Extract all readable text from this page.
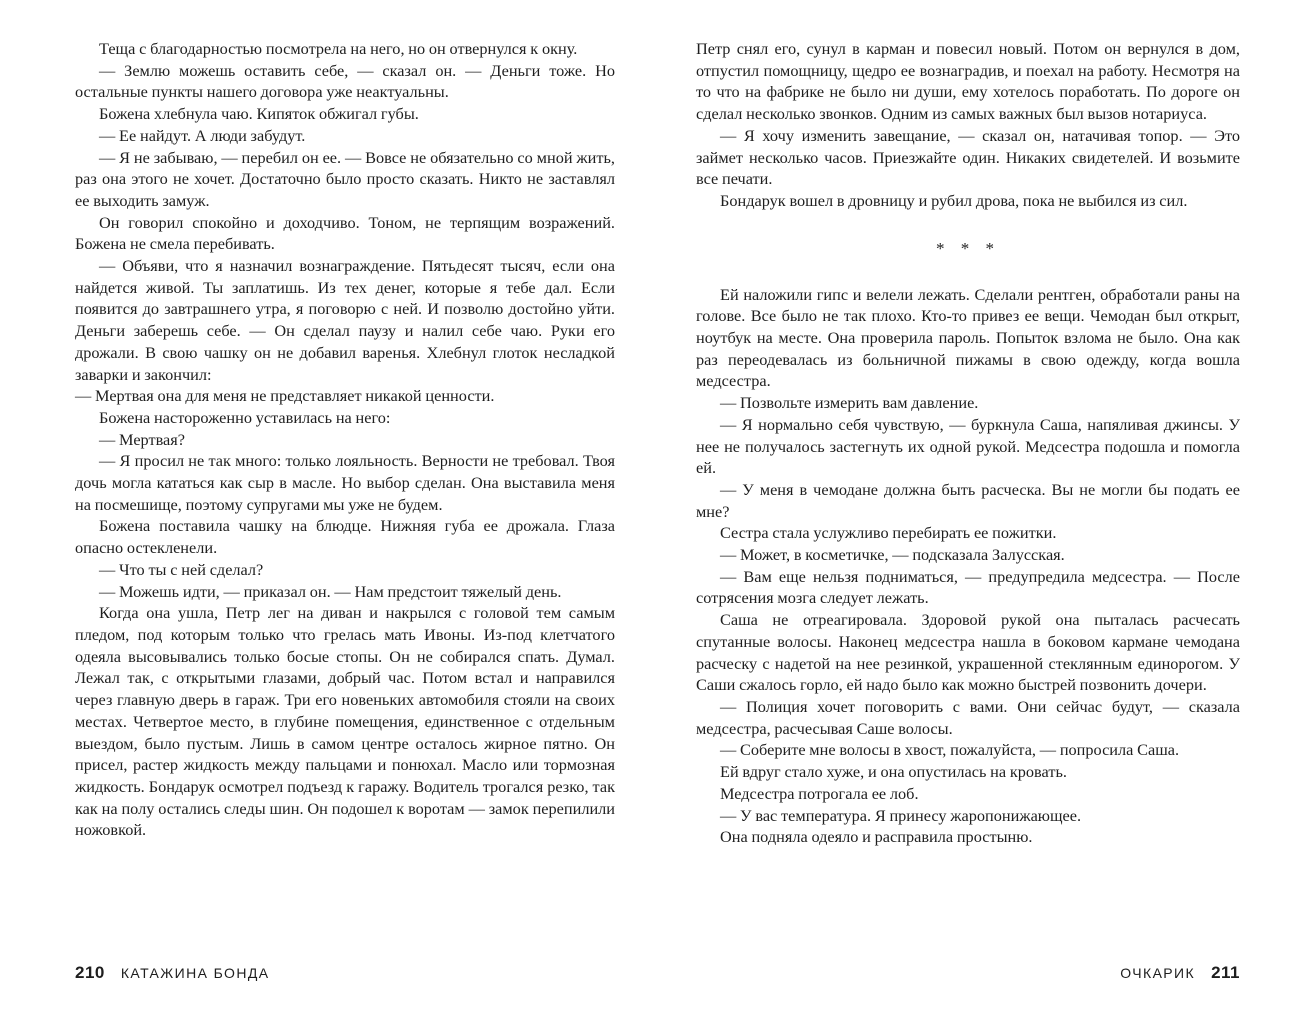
Теща с благодарностью посмотрела на него, но он отвернулся к окну.

— Землю можешь оставить себе, — сказал он. — Деньги тоже. Но остальные пункты нашего договора уже неактуальны.

Божена хлебнула чаю. Кипяток обжигал губы.

— Ее найдут. А люди забудут.

— Я не забываю, — перебил он ее. — Вовсе не обязательно со мной жить, раз она этого не хочет. Достаточно было просто сказать. Никто не заставлял ее выходить замуж.

Он говорил спокойно и доходчиво. Тоном, не терпящим возражений. Божена не смела перебивать.

— Объяви, что я назначил вознаграждение. Пятьдесят тысяч, если она найдется живой. Ты заплатишь. Из тех денег, которые я тебе дал. Если появится до завтрашнего утра, я поговорю с ней. И позволю достойно уйти. Деньги заберешь себе. — Он сделал паузу и налил себе чаю. Руки его дрожали. В свою чашку он не добавил варенья. Хлебнул глоток несладкой заварки и закончил:

— Мертвая она для меня не представляет никакой ценности.

Божена настороженно уставилась на него:

— Мертвая?

— Я просил не так много: только лояльность. Верности не требовал. Твоя дочь могла кататься как сыр в масле. Но выбор сделан. Она выставила меня на посмешище, поэтому супругами мы уже не будем.

Божена поставила чашку на блюдце. Нижняя губа ее дрожала. Глаза опасно остекленели.

— Что ты с ней сделал?

— Можешь идти, — приказал он. — Нам предстоит тяжелый день.

Когда она ушла, Петр лег на диван и накрылся с головой тем самым пледом, под которым только что грелась мать Ивоны. Из-под клетчатого одеяла высовывались только босые стопы. Он не собирался спать. Думал. Лежал так, с открытыми глазами, добрый час. Потом встал и направился через главную дверь в гараж. Три его новеньких автомобиля стояли на своих местах. Четвертое место, в глубине помещения, единственное с отдельным выездом, было пустым. Лишь в самом центре осталось жирное пятно. Он присел, растер жидкость между пальцами и понюхал. Масло или тормозная жидкость. Бондарук осмотрел подъезд к гаражу. Водитель трогался резко, так как на полу остались следы шин. Он подошел к воротам — замок перепилили ножовкой.

Петр снял его, сунул в карман и повесил новый. Потом он вернулся в дом, отпустил помощницу, щедро ее вознаградив, и поехал на работу. Несмотря на то что на фабрике не было ни души, ему хотелось поработать. По дороге он сделал несколько звонков. Одним из самых важных был вызов нотариуса.

— Я хочу изменить завещание, — сказал он, натачивая топор. — Это займет несколько часов. Приезжайте один. Никаких свидетелей. И возьмите все печати.

Бондарук вошел в дровницу и рубил дрова, пока не выбился из сил.

* * *

Ей наложили гипс и велели лежать. Сделали рентген, обработали раны на голове. Все было не так плохо. Кто-то привез ее вещи. Чемодан был открыт, ноутбук на месте. Она проверила пароль. Попыток взлома не было. Она как раз переодевалась из больничной пижамы в свою одежду, когда вошла медсестра.

— Позвольте измерить вам давление.

— Я нормально себя чувствую, — буркнула Саша, напяливая джинсы. У нее не получалось застегнуть их одной рукой. Медсестра подошла и помогла ей.

— У меня в чемодане должна быть расческа. Вы не могли бы подать ее мне?

Сестра стала услужливо перебирать ее пожитки.

— Может, в косметичке, — подсказала Залусская.

— Вам еще нельзя подниматься, — предупредила медсестра. — После сотрясения мозга следует лежать.

Саша не отреагировала. Здоровой рукой она пыталась расчесать спутанные волосы. Наконец медсестра нашла в боковом кармане чемодана расческу с надетой на нее резинкой, украшенной стеклянным единорогом. У Саши сжалось горло, ей надо было как можно быстрей позвонить дочери.

— Полиция хочет поговорить с вами. Они сейчас будут, — сказала медсестра, расчесывая Саше волосы.

— Соберите мне волосы в хвост, пожалуйста, — попросила Саша.

Ей вдруг стало хуже, и она опустилась на кровать.

Медсестра потрогала ее лоб.

— У вас температура. Я принесу жаропонижающее.

Она подняла одеяло и расправила простыню.

210 КАТАЖИНА БОНДА	ОЧКАРИК 211
